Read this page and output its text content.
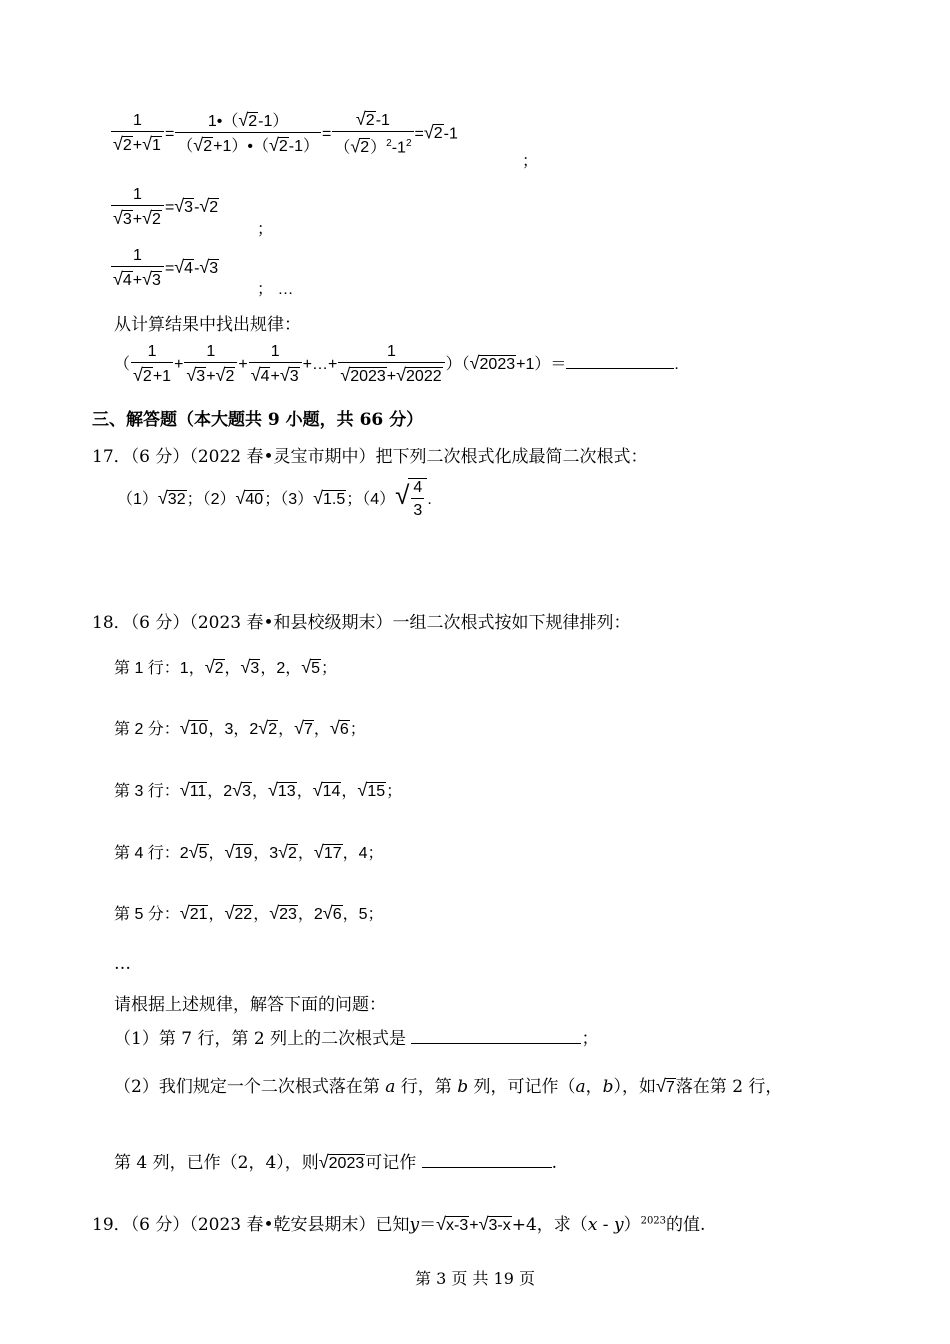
$\frac{1}{√2+√1} = \frac{1•(√2-1)}{(√2+1)•(√2-1)} = \frac{√2-1}{(√2)^2-1^2} =√2-1$
；
$\frac{1}{√3+√2} =√3-√2$
；
$\frac{1}{√4+√3} =√4-√3$
； …
从计算结果中找出规律：
（ $\frac{1}{√2+1} + \frac{1}{√3+√2} + \frac{1}{√4+√3}$ +…+ $\frac{1}{√2023+√2022} )(√2023+1)=$	.
三、解答题（本大题共 9 小题，共 66 分）
17．（6 分）（2022 春•灵宝市期中）把下列二次根式化成最简二次根式：
（1）√32；（2）√40；（3）√1.5；$(4)√ \frac{4}{3}$ .
18．（6 分）（2023 春•和县校级期末）一组二次根式按如下规律排列：
第 1 行：1，√2，√3，2，√5；
第 2 分：√10，3，2√2，√7，√6；
第 3 行：√11，2√3，√13，√14，√15；
第 4 行：2√5，√19，3√2，√17，4；
第 5 分：√21，√22，√23，2√6，5；
…
请根据上述规律，解答下面的问题：
（1）第 7 行，第 2 列上的二次根式是	；
（2）我们规定一个二次根式落在第 a 行，第 b 列，可记作（a，b），如√7落在第 2 行，
第 4 列，已作（2，4），则√2023可记作	.
19．（6 分）（2023 春•乾安县期末）已知y＝√x-3+√3-x+4，求（x - y）$^{2023}$的值.
第 3 页 共 19 页
